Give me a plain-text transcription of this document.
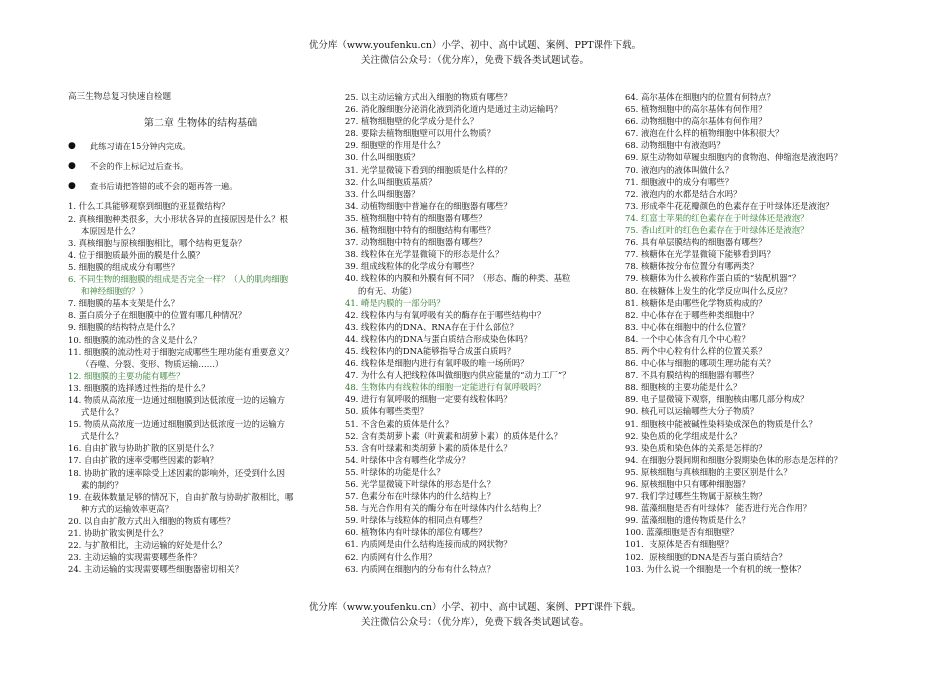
优分库（www.youfenku.cn）小学、初中、高中试题、案例、PPT课件下载。
关注微信公众号：（优分库），免费下载各类试题试卷。
高三生物总复习快速自检题
第二章 生物体的结构基础
● 此练习请在15分钟内完成。
● 不会的作上标记过后查书。
● 查书后请把答错的或不会的题再答一遍。
1. 什么工具能够观察到细胞的亚显微结构？
2. 真核细胞种类很多，大小形状各异的直接原因是什么？根
本原因是什么？
3. 真核细胞与原核细胞相比，哪个结构更复杂？
4. 位于细胞质最外面的膜是什么膜？
5. 细胞膜的组成成分有哪些？
6. 不同生物的细胞膜的组成是否完全一样？（人的肌肉细胞
和神经细胞的？）
7. 细胞膜的基本支架是什么？
8. 蛋白质分子在细胞膜中的位置有哪几种情况？
9. 细胞膜的结构特点是什么？
10. 细胞膜的流动性的含义是什么？
11. 细胞膜的流动性对于细胞完成哪些生理功能有重要意义？
（吞噬、分裂、变形、物质运输……）
12. 细胞膜的主要功能有哪些？
13. 细胞膜的选择透过性指的是什么？
14. 物质从高浓度一边通过细胞膜到达低浓度一边的运输方
式是什么？
15. 物质从高浓度一边通过细胞膜到达低浓度一边的运输方
式是什么？
16. 自由扩散与协助扩散的区别是什么？
17. 自由扩散的速率受哪些因素的影响？
18. 协助扩散的速率除受上述因素的影响外，还受到什么因
素的制约？
19. 在载体数量足够的情况下，自由扩散与协助扩散相比，哪
种方式的运输效率更高？
20. 以自由扩散方式出入细胞的物质有哪些？
21. 协助扩散实例是什么？
22. 与扩散相比，主动运输的好处是什么？
23. 主动运输的实现需要哪些条件？
24. 主动运输的实现需要哪些细胞器密切相关？
25. 以主动运输方式出入细胞的物质有哪些？
26. 消化腺细胞分泌消化液到消化道内是通过主动运输吗？
27. 植物细胞壁的化学成分是什么？
28. 要除去植物细胞壁可以用什么物质？
29. 细胞壁的作用是什么？
30. 什么叫细胞质？
31. 光学显微镜下看到的细胞质是什么样的？
32. 什么叫细胞质基质？
33. 什么叫细胞器？
34. 动植物细胞中普遍存在的细胞器有哪些？
35. 植物细胞中特有的细胞器有哪些？
36. 植物细胞中特有的细胞结构有哪些？
37. 动物细胞中特有的细胞器有哪些？
38. 线粒体在光学显微镜下的形态是什么？
39. 组成线粒体的化学成分有哪些？
40. 线粒体的内膜和外膜有何不同？（形态、酶的种类、基粒
的有无、功能）
41. 嵴是内膜的一部分吗？
42. 线粒体内与有氧呼吸有关的酶存在于哪些结构中？
43. 线粒体内的DNA、RNA存在于什么部位？
44. 线粒体内的DNA与蛋白质结合形成染色体吗？
45. 线粒体内的DNA能够指导合成蛋白质吗？
46. 线粒体是细胞内进行有氧呼吸的唯一场所吗？
47. 为什么有人把线粒体叫做细胞内供应能量的“动力工厂”？
48. 生物体内有线粒体的细胞一定能进行有氧呼吸吗？
49. 进行有氧呼吸的细胞一定要有线粒体吗？
50. 质体有哪些类型？
51. 不含色素的质体是什么？
52. 含有类胡萝卜素（叶黄素和胡萝卜素）的质体是什么？
53. 含有叶绿素和类胡萝卜素的质体是什么？
54. 叶绿体中含有哪些化学成分？
55. 叶绿体的功能是什么？
56. 光学显微镜下叶绿体的形态是什么？
57. 色素分布在叶绿体内的什么结构上？
58. 与光合作用有关的酶分布在叶绿体内什么结构上？
59. 叶绿体与线粒体的相同点有哪些？
60. 植物体内有叶绿体的部位有哪些？
61. 内质网是由什么结构连接而成的网状物？
62. 内质网有什么作用？
63. 内质网在细胞内的分布有什么特点？
64. 高尔基体在细胞内的位置有何特点？
65. 植物细胞中的高尔基体有何作用？
66. 动物细胞中的高尔基体有何作用？
67. 液泡在什么样的植物细胞中体积很大？
68. 动物细胞中有液泡吗？
69. 原生动物如草履虫细胞内的食物泡、伸缩泡是液泡吗？
70. 液泡内的液体叫做什么？
71. 细胞液中的成分有哪些？
72. 液泡内的水都是结合水吗？
73. 形成牵牛花花瓣颜色的色素存在于叶绿体还是液泡？
74. 红富士苹果的红色素存在于叶绿体还是液泡？
75. 香山红叶的红色色素存在于叶绿体还是液泡？
76. 具有单层膜结构的细胞器有哪些？
77. 核糖体在光学显微镜下能够看到吗？
78. 核糖体按分布位置分有哪两类？
79. 核糖体为什么被称作蛋白质的“装配机器”？
80. 在核糖体上发生的化学反应叫什么反应？
81. 核糖体是由哪些化学物质构成的？
82. 中心体存在于哪些种类细胞中？
83. 中心体在细胞中的什么位置？
84. 一个中心体含有几个中心粒？
85. 两个中心粒有什么样的位置关系？
86. 中心体与细胞的哪项生理功能有关？
87. 不具有膜结构的细胞器有哪些？
88. 细胞核的主要功能是什么？
89. 电子显微镜下观察，细胞核由哪几部分构成？
90. 核孔可以运输哪些大分子物质？
91. 细胞核中能被碱性染料染成深色的物质是什么？
92. 染色质的化学组成是什么？
93. 染色质和染色体的关系是怎样的？
94. 在细胞分裂间期和细胞分裂期染色体的形态是怎样的？
95. 原核细胞与真核细胞的主要区别是什么？
96. 原核细胞中只有哪种细胞器？
97. 我们学过哪些生物属于原核生物？
98. 蓝藻细胞是否有叶绿体？ 能否进行光合作用？
99. 蓝藻细胞的遗传物质是什么？
100. 蓝藻细胞是否有细胞壁？
101．支原体是否有细胞壁？
102．原核细胞的DNA是否与蛋白质结合？
103. 为什么说一个细胞是一个有机的统一整体？
优分库（www.youfenku.cn）小学、初中、高中试题、案例、PPT课件下载。
关注微信公众号：（优分库），免费下载各类试题试卷。
